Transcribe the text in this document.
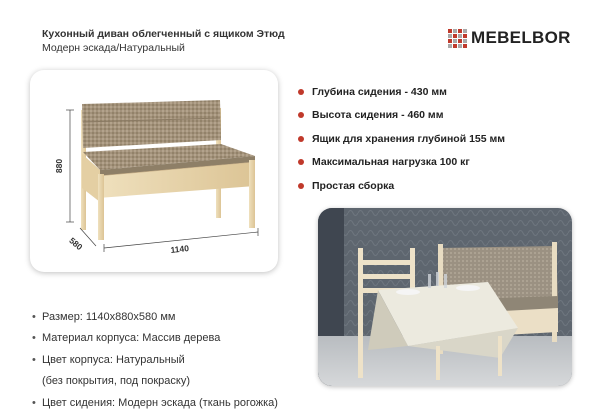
Кухонный диван облегченный с ящиком Этюд
Модерн эскада/Натуральный
MEBELBOR
880
580	1140
Глубина сидения - 430 мм
Высота сидения - 460 мм
Ящик для хранения глубиной 155 мм
Максимальная нагрузка 100 кг
Простая сборка
• Размер: 1140х880х580 мм
• Материал корпуса: Массив дерева
• Цвет корпуса: Натуральный
(без покрытия, под покраску)
• Цвет сидения: Модерн эскада (ткань рогожка)
